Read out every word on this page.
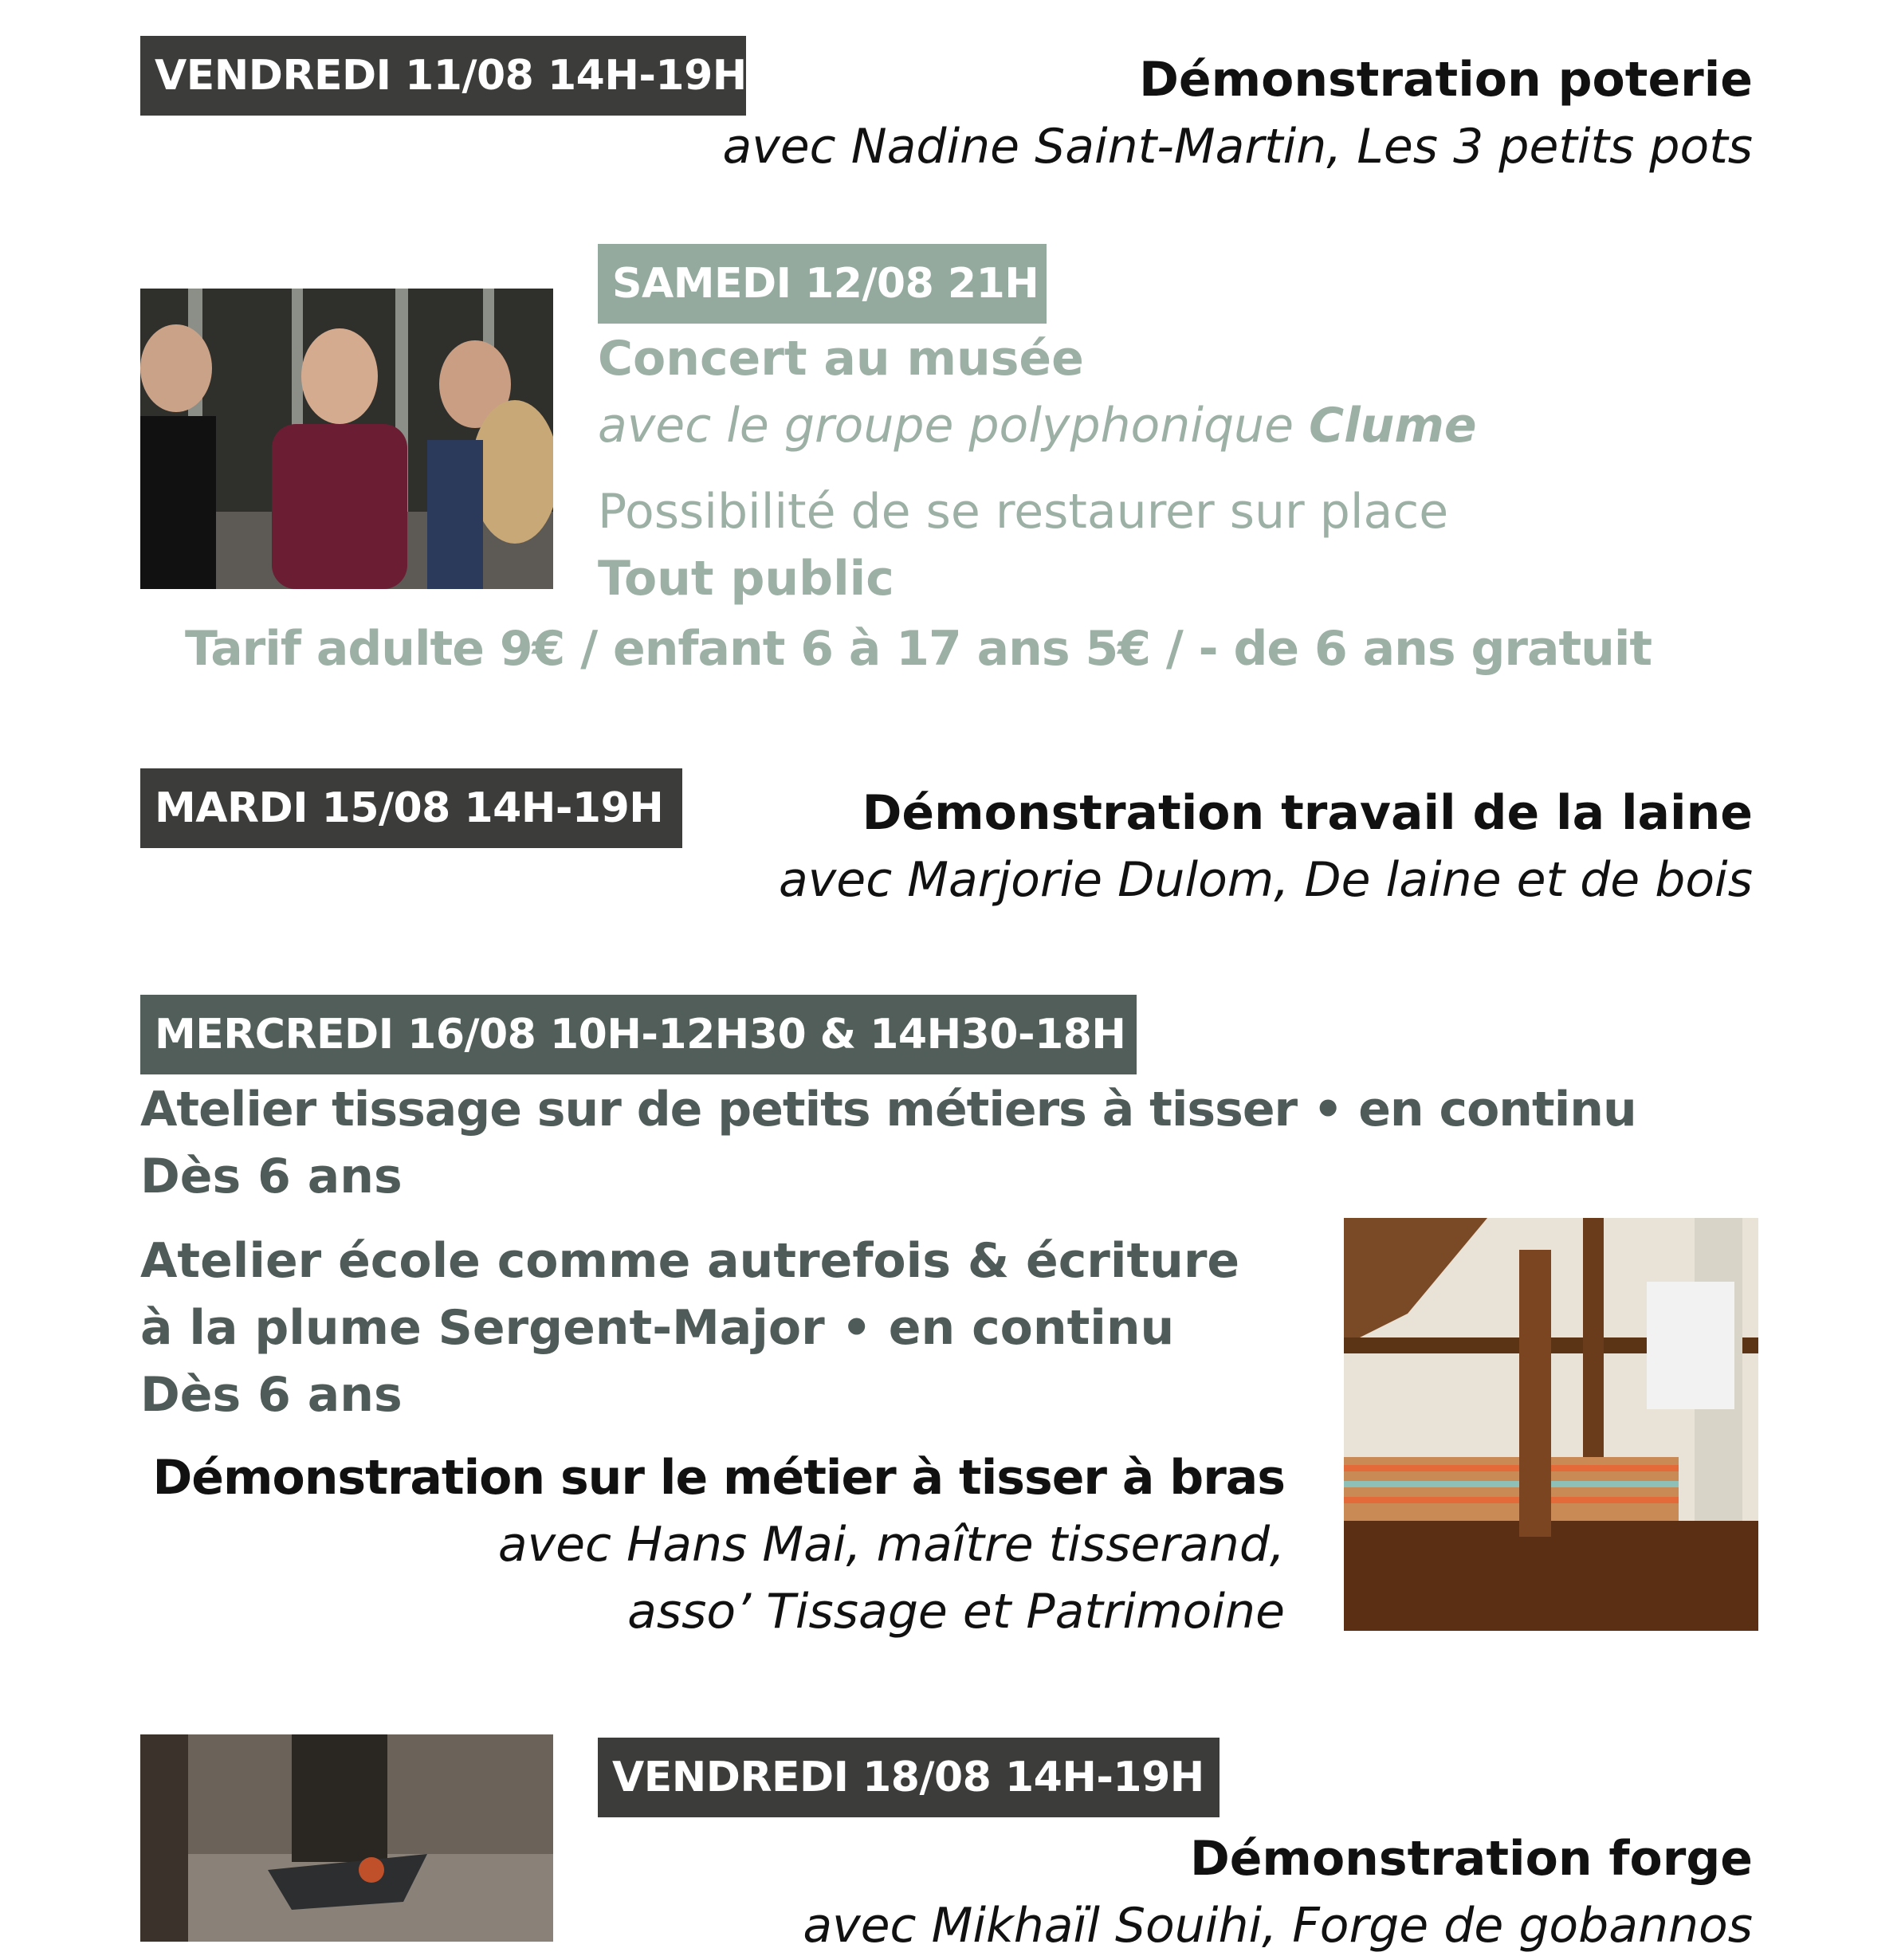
VENDREDI 11/08 14H-19H	Démonstration poterie
avec Nadine Saint-Martin, Les 3 petits pots
SAMEDI 12/08 21H
Concert au musée
avec le groupe polyphonique Clume
Possibilité de se restaurer sur place
Tout public
Tarif adulte 9€ / enfant 6 à 17 ans 5€ / - de 6 ans gratuit
MARDI 15/08 14H-19H	Démonstration travail de la laine
avec Marjorie Dulom, De laine et de bois
MERCREDI 16/08 10H-12H30 & 14H30-18H
Atelier tissage sur de petits métiers à tisser • en continu
Dès 6 ans
Atelier école comme autrefois & écriture
à la plume Sergent-Major • en continu
Dès 6 ans
Démonstration sur le métier à tisser à bras
avec Hans Mai, maître tisserand,
asso’ Tissage et Patrimoine
VENDREDI 18/08 14H-19H
Démonstration forge
avec Mikhaïl Souihi, Forge de gobannos
